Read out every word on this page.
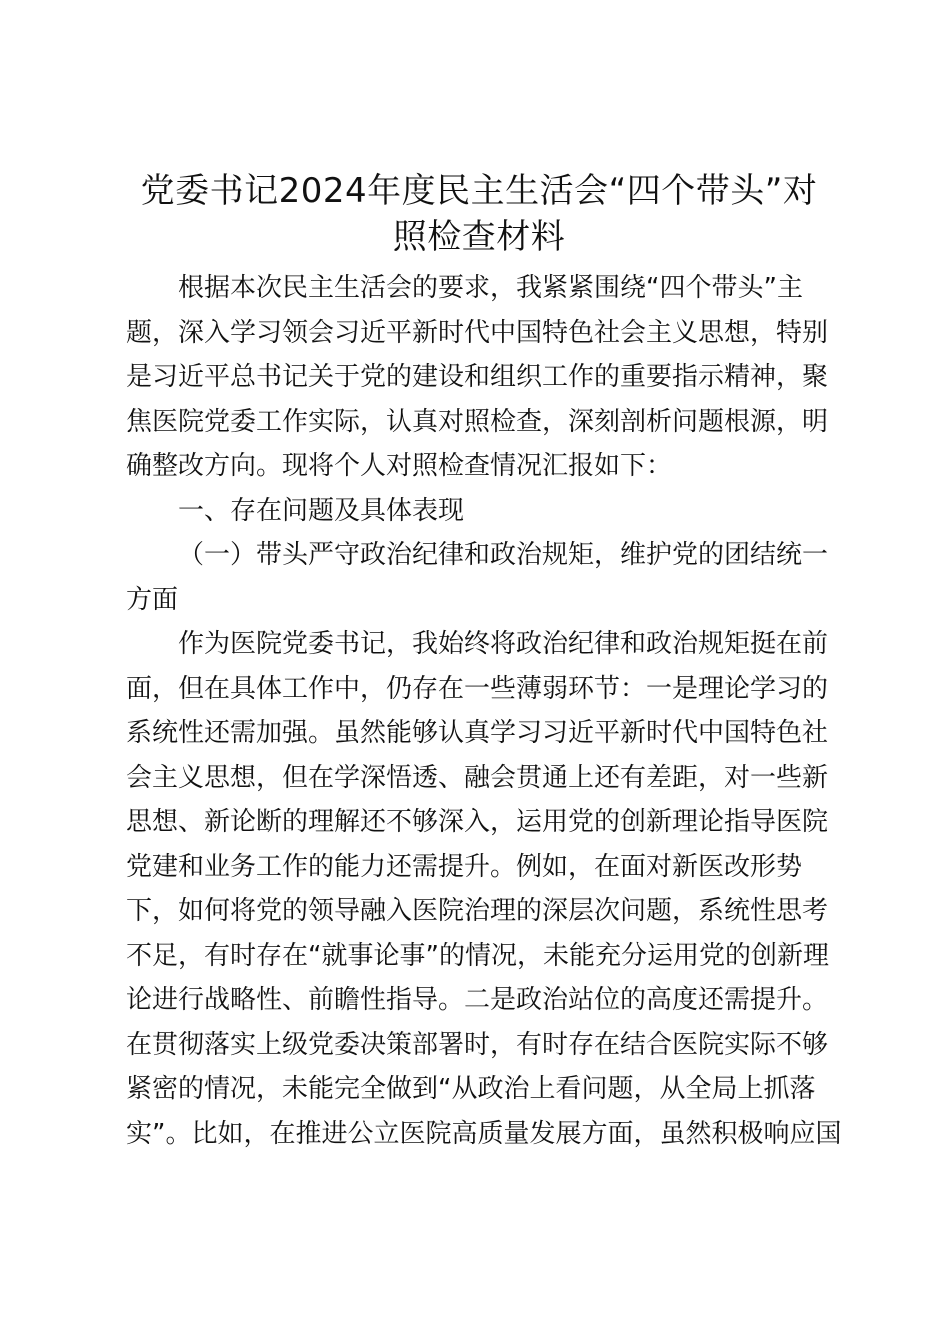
党委书记2024年度民主生活会“四个带头”对
照检查材料

根据本次民主生活会的要求，我紧紧围绕“四个带头”主
题，深入学习领会习近平新时代中国特色社会主义思想，特别
是习近平总书记关于党的建设和组织工作的重要指示精神，聚
焦医院党委工作实际，认真对照检查，深刻剖析问题根源，明
确整改方向。现将个人对照检查情况汇报如下：

一、存在问题及具体表现

（一）带头严守政治纪律和政治规矩，维护党的团结统一
方面

作为医院党委书记，我始终将政治纪律和政治规矩挺在前
面，但在具体工作中，仍存在一些薄弱环节：一是理论学习的
系统性还需加强。虽然能够认真学习习近平新时代中国特色社
会主义思想，但在学深悟透、融会贯通上还有差距，对一些新
思想、新论断的理解还不够深入，运用党的创新理论指导医院
党建和业务工作的能力还需提升。例如，在面对新医改形势
下，如何将党的领导融入医院治理的深层次问题，系统性思考
不足，有时存在“就事论事”的情况，未能充分运用党的创新理
论进行战略性、前瞻性指导。二是政治站位的高度还需提升。
在贯彻落实上级党委决策部署时，有时存在结合医院实际不够
紧密的情况，未能完全做到“从政治上看问题，从全局上抓落
实”。比如，在推进公立医院高质量发展方面，虽然积极响应国
